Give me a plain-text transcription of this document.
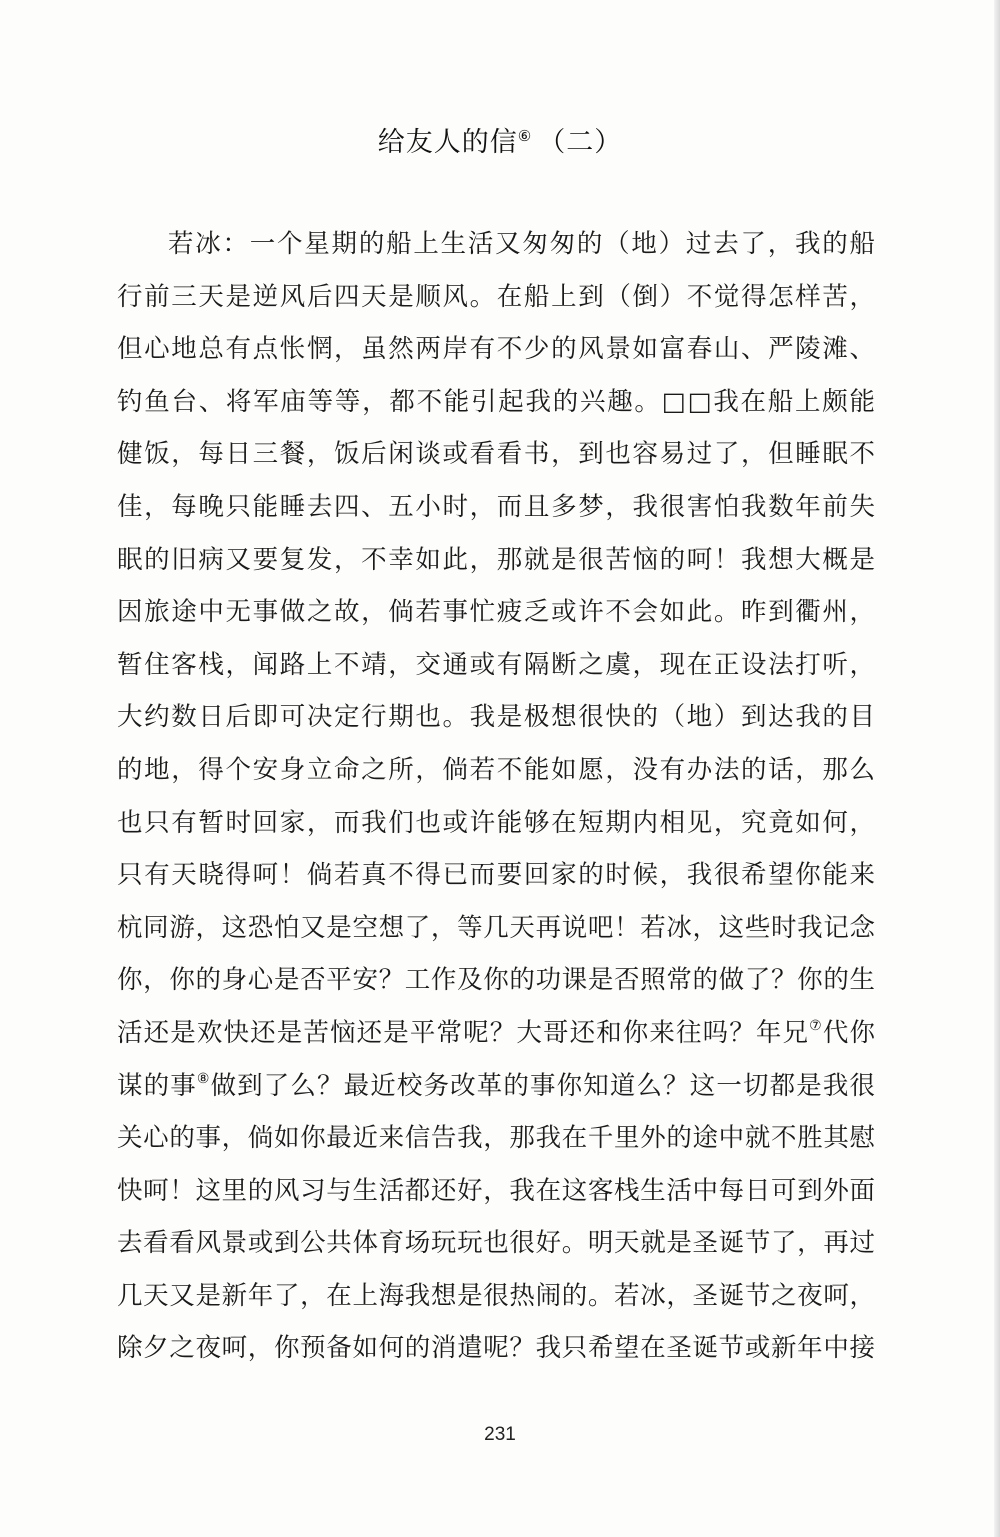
给友人的信⑥ （二）
若冰：一个星期的船上生活又匆匆的（地）过去了，我的船
行前三天是逆风后四天是顺风。在船上到（倒）不觉得怎样苦，
但心地总有点怅惘，虽然两岸有不少的风景如富春山、严陵滩、
钓鱼台、将军庙等等，都不能引起我的兴趣。□□我在船上颇能
健饭，每日三餐，饭后闲谈或看看书，到也容易过了，但睡眠不
佳，每晚只能睡去四、五小时，而且多梦，我很害怕我数年前失
眠的旧病又要复发，不幸如此，那就是很苦恼的呵！我想大概是
因旅途中无事做之故，倘若事忙疲乏或许不会如此。昨到衢州，
暂住客栈，闻路上不靖，交通或有隔断之虞，现在正设法打听，
大约数日后即可决定行期也。我是极想很快的（地）到达我的目
的地，得个安身立命之所，倘若不能如愿，没有办法的话，那么
也只有暂时回家，而我们也或许能够在短期内相见，究竟如何，
只有天晓得呵！倘若真不得已而要回家的时候，我很希望你能来
杭同游，这恐怕又是空想了，等几天再说吧！若冰，这些时我记念
你，你的身心是否平安？工作及你的功课是否照常的做了？你的生
活还是欢快还是苦恼还是平常呢？大哥还和你来往吗？年兄⑦代你
谋的事⑧做到了么？最近校务改革的事你知道么？这一切都是我很
关心的事，倘如你最近来信告我，那我在千里外的途中就不胜其慰
快呵！这里的风习与生活都还好，我在这客栈生活中每日可到外面
去看看风景或到公共体育场玩玩也很好。明天就是圣诞节了，再过
几天又是新年了，在上海我想是很热闹的。若冰，圣诞节之夜呵，
除夕之夜呵，你预备如何的消遣呢？我只希望在圣诞节或新年中接
231
